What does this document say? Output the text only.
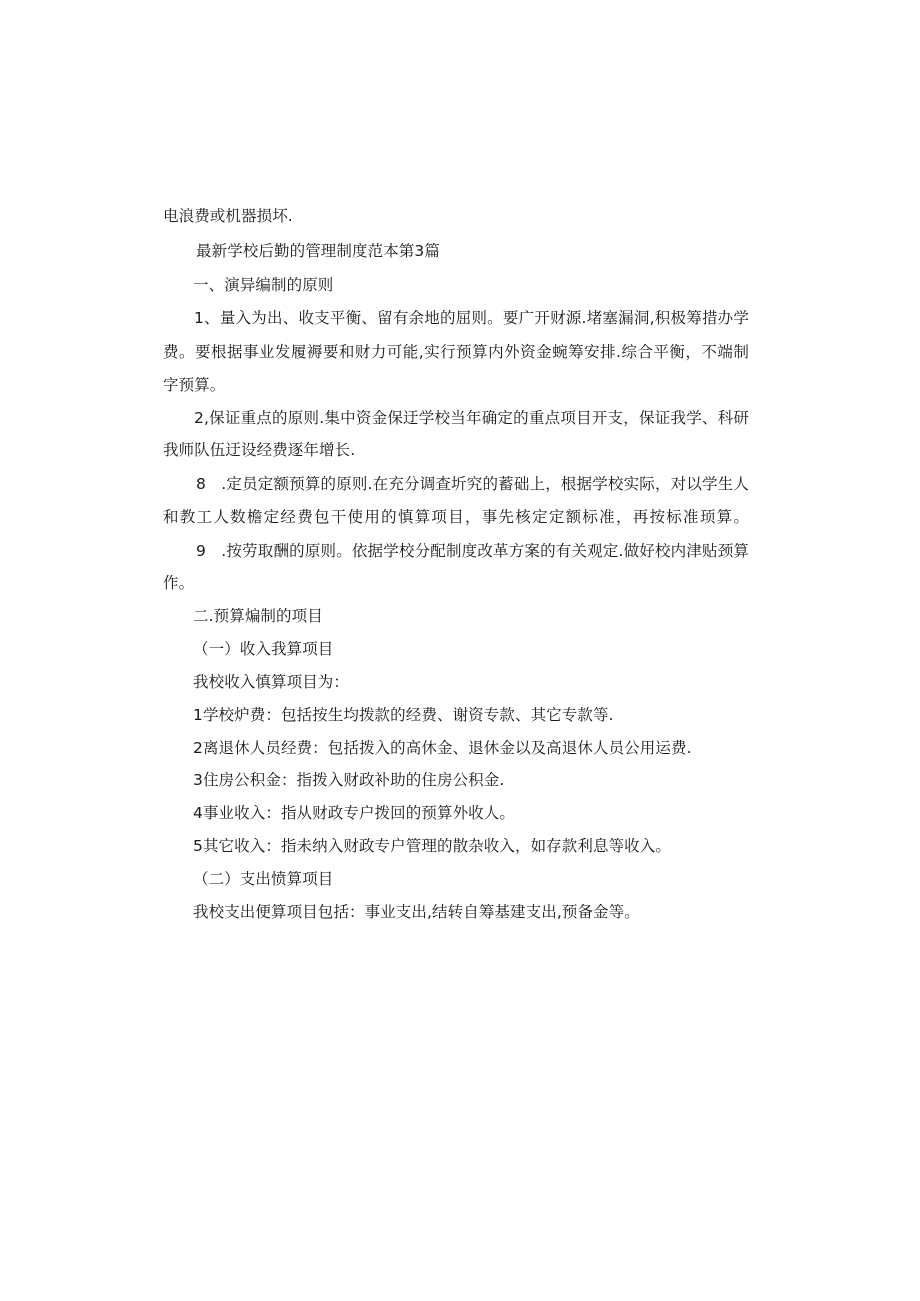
电浪费或机器损坏.
最新学校后勤的管理制度范本第3篇
一、演异编制的原则
1、量入为出、收支平衡、留有余地的屈则。要广开财源.堵塞漏洞,积极筹措办学
费。要根据事业发履褥要和财力可能,实行预算内外资金蜿筹安排.综合平衡，不端制
字预算。
2,保证重点的原则.集中资金保迂学校当年确定的重点项目开支，保证我学、科研
我师队伍迂设经费逐年增长.
8   .定员定额预算的原则.在充分调查圻究的蓄础上，根据学校实际，对以学生人
和教工人数檐定经费包干使用的慎算项目，事先核定定额标准，再按标准顼算。
9   .按劳取酬的原则。依据学校分配制度改革方案的有关观定.做好校内津贴颈算
作。
二.预算煸制的项目
（一）收入我算项目
我校收入慎算项目为：
1学校炉费：包括按生均拨款的经费、谢资专款、其它专款等.
2离退休人员经费：包括拨入的高休金、退休金以及高退休人员公用运费.
3住房公积金：指拨入财政补助的住房公积金.
4事业收入：指从财政专户拨回的预算外收人。
5其它收入：指未纳入财政专户管理的散杂收入，如存款利息等收入。
（二）支出愤算项目
我校支出便算项目包括：事业支出,结转自筹基建支出,预备金等。
